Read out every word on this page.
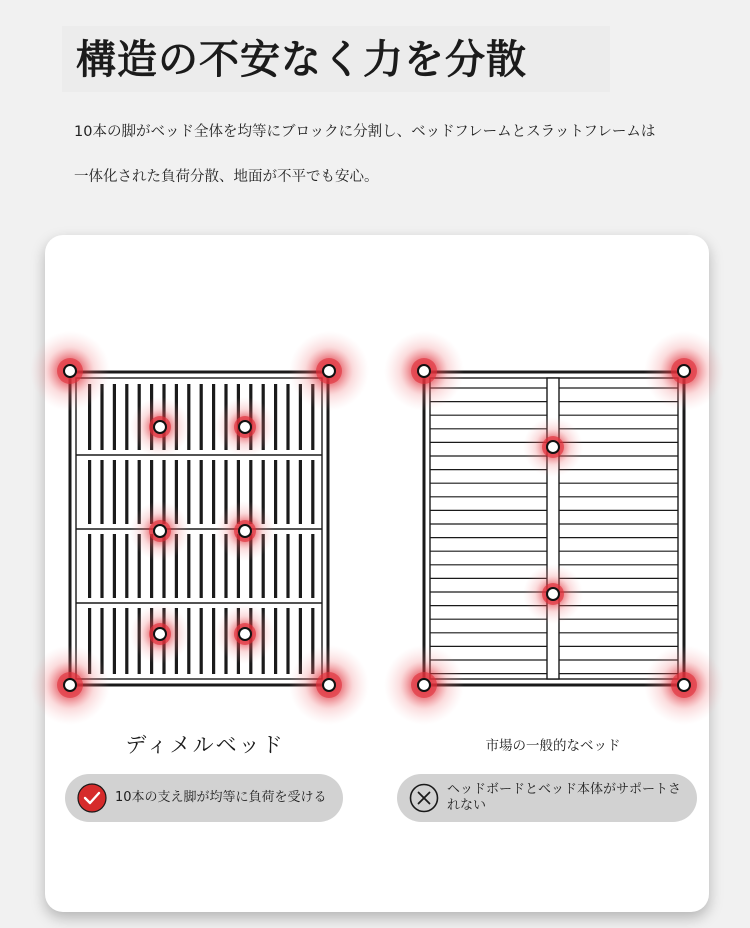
構造の不安なく力を分散

10本の脚がベッド全体を均等にブロックに分割し、ベッドフレームとスラットフレームは

一体化された負荷分散、地面が不平でも安心。

ディメルベッド	市場の一般的なベッド
10本の支え脚が均等に負荷を受ける
ヘッドボードとベッド本体がサポートされない
